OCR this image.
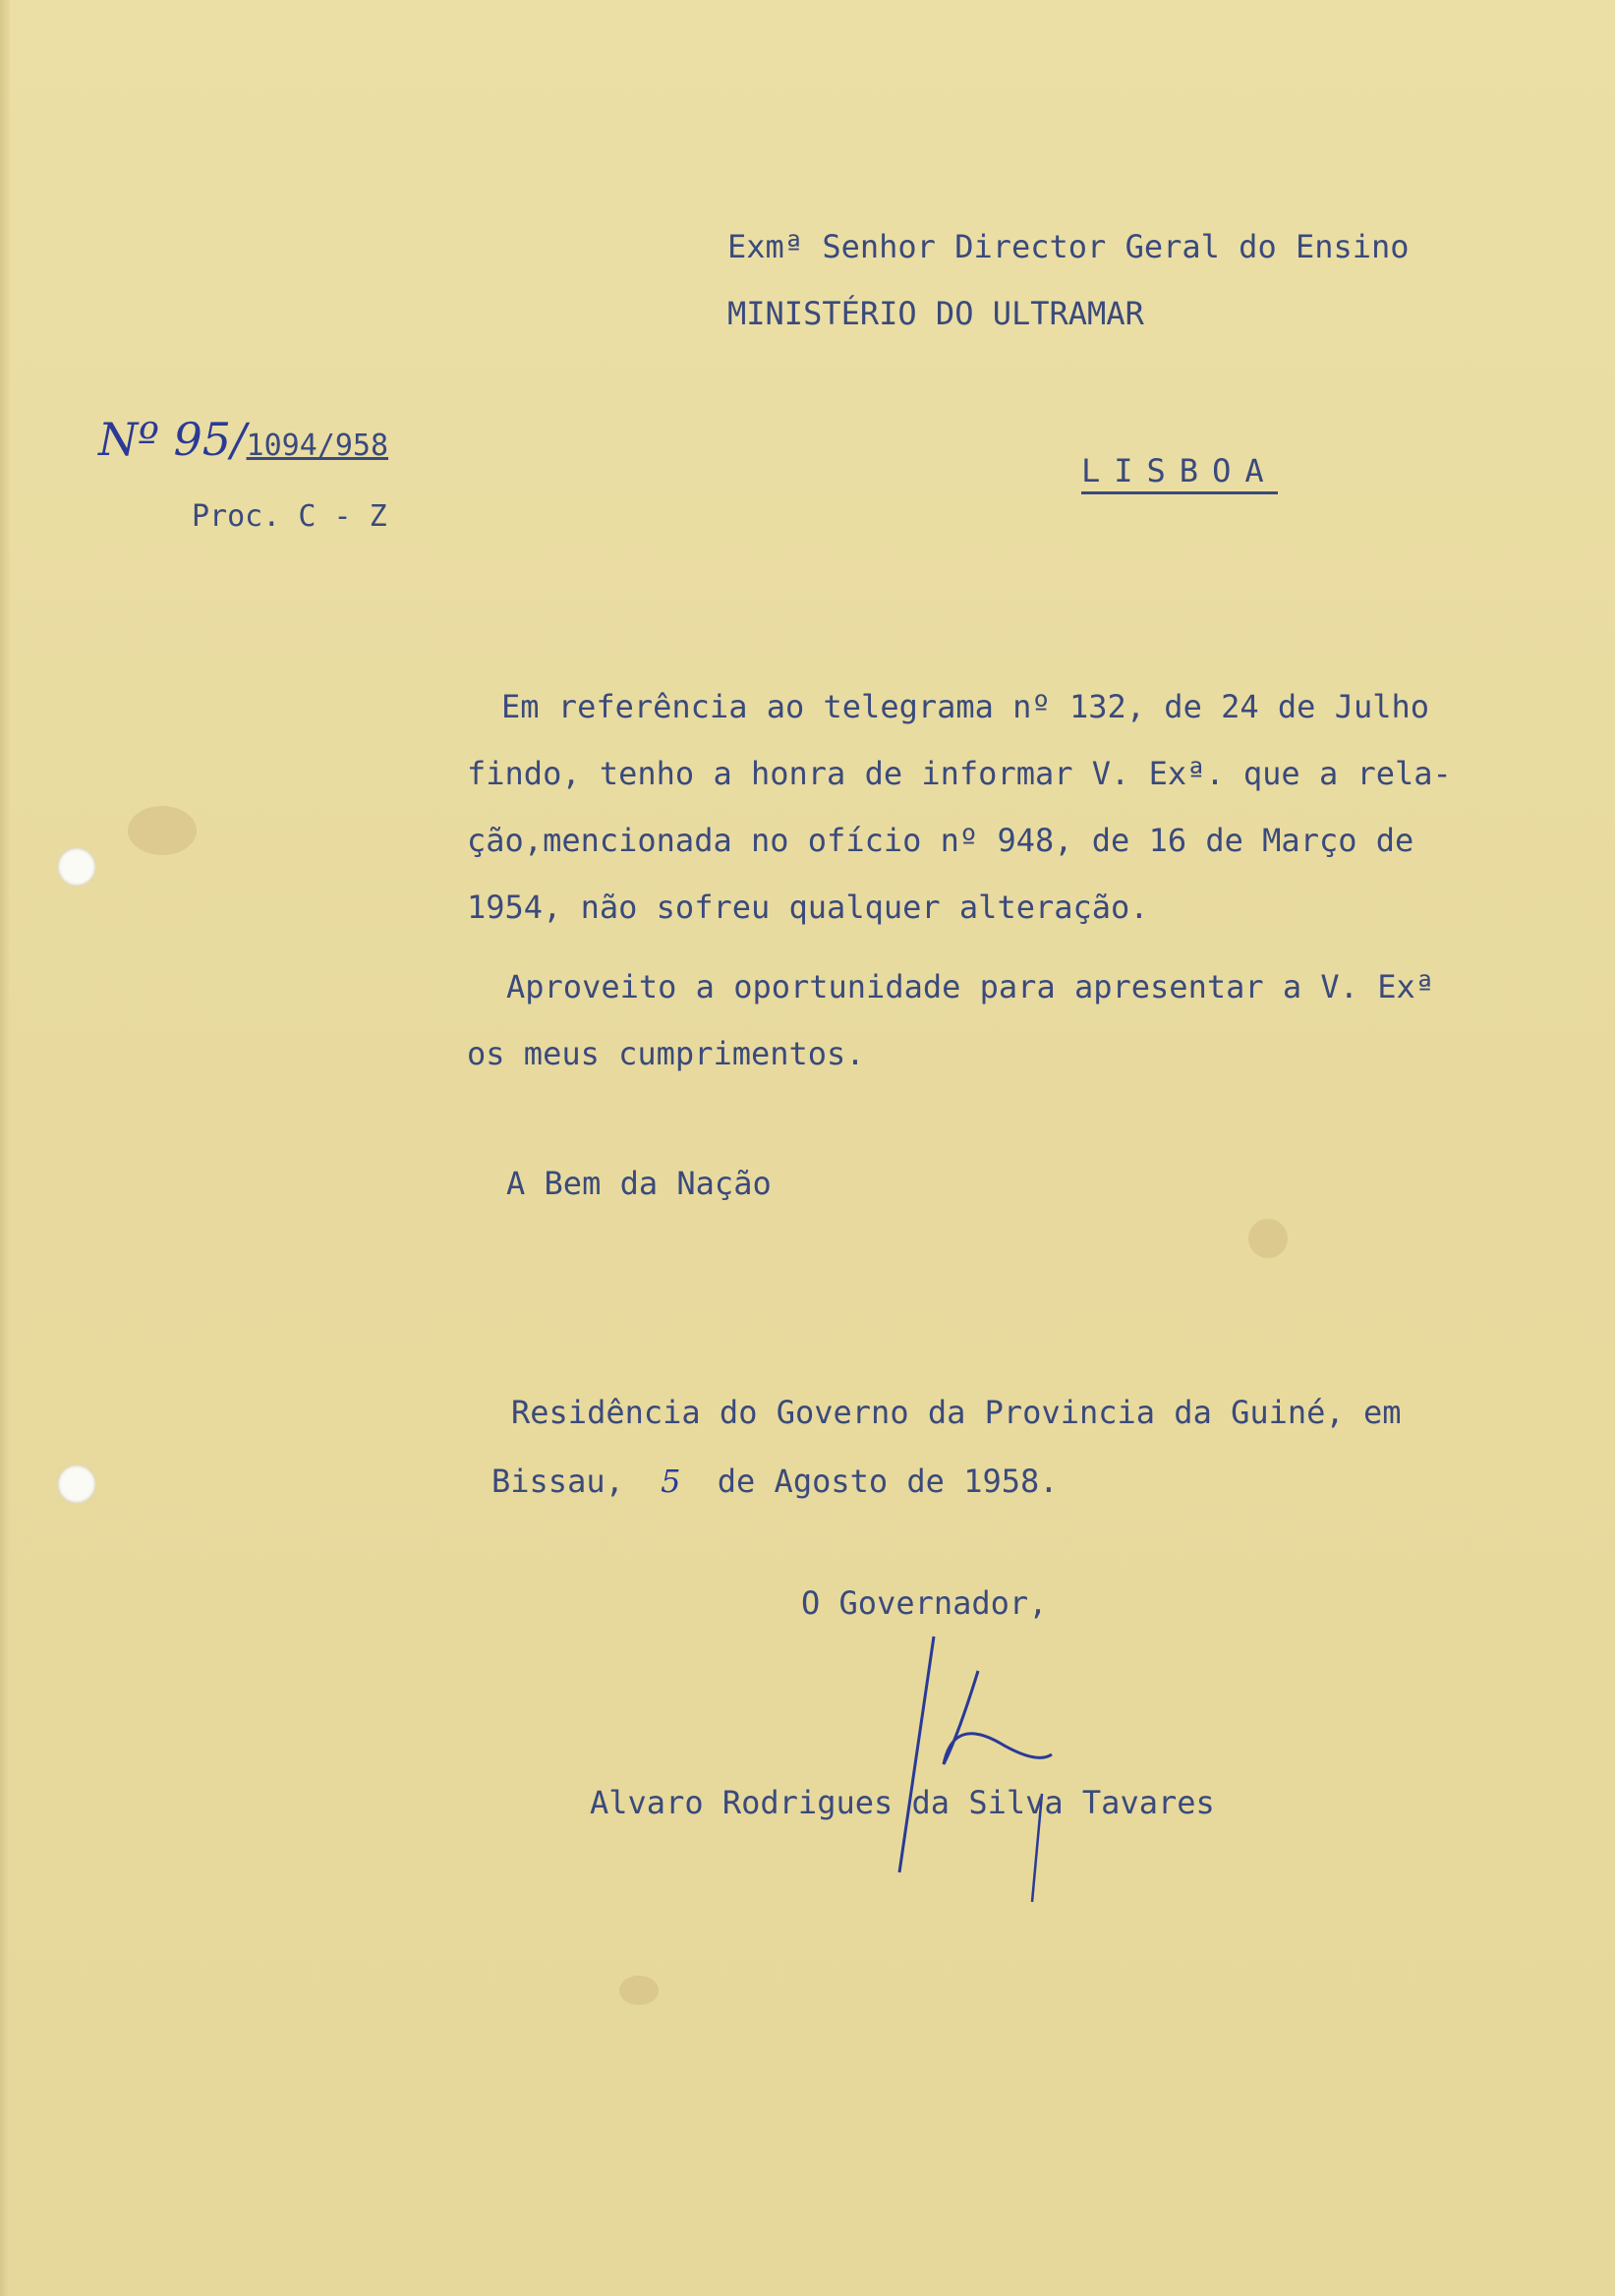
Exmª Senhor Director Geral do Ensino
MINISTÉRIO DO ULTRAMAR
LISBOA
Nº 95/1094/958
Proc. C - Z
Em referência ao telegrama nº 132, de 24 de Julho
findo, tenho a honra de informar V. Exª. que a rela-
ção,mencionada no ofício nº 948, de 16 de Março de
1954, não sofreu qualquer alteração.
Aproveito a oportunidade para apresentar a V. Exª
os meus cumprimentos.
A Bem da Nação
Residência do Governo da Provincia da Guiné, em
Bissau, 5 de Agosto de 1958.
O Governador,
Alvaro Rodrigues da Silva Tavares
